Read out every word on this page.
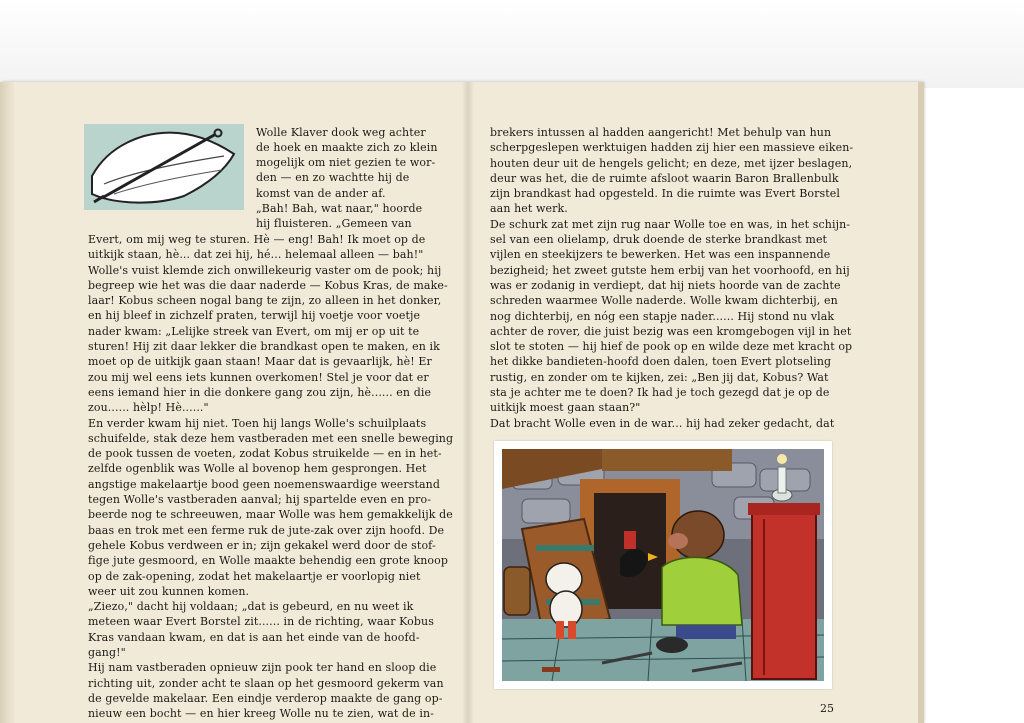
Wolle Klaver dook weg achter
de hoek en maakte zich zo klein
mogelijk om niet gezien te wor-
den — en zo wachtte hij de
komst van de ander af.
„Bah! Bah, wat naar," hoorde
hij fluisteren. „Gemeen van
Evert, om mij weg te sturen. Hè — eng! Bah! Ik moet op de
uitkijk staan, hè... dat zei hij, hé... helemaal alleen — bah!"
Wolle's vuist klemde zich onwillekeurig vaster om de pook; hij
begreep wie het was die daar naderde — Kobus Kras, de make-
laar! Kobus scheen nogal bang te zijn, zo alleen in het donker,
en hij bleef in zichzelf praten, terwijl hij voetje voor voetje
nader kwam: „Lelijke streek van Evert, om mij er op uit te
sturen! Hij zit daar lekker die brandkast open te maken, en ik
moet op de uitkijk gaan staan! Maar dat is gevaarlijk, hè! Er
zou mij wel eens iets kunnen overkomen! Stel je voor dat er
eens iemand hier in die donkere gang zou zijn, hè...... en die
zou...... hèlp! Hè......"
En verder kwam hij niet. Toen hij langs Wolle's schuilplaats
schuifelde, stak deze hem vastberaden met een snelle beweging
de pook tussen de voeten, zodat Kobus struikelde — en in het-
zelfde ogenblik was Wolle al bovenop hem gesprongen. Het
angstige makelaartje bood geen noemenswaardige weerstand
tegen Wolle's vastberaden aanval; hij spartelde even en pro-
beerde nog te schreeuwen, maar Wolle was hem gemakkelijk de
baas en trok met een ferme ruk de jute-zak over zijn hoofd. De
gehele Kobus verdween er in; zijn gekakel werd door de stof-
fige jute gesmoord, en Wolle maakte behendig een grote knoop
op de zak-opening, zodat het makelaartje er voorlopig niet
weer uit zou kunnen komen.
„Ziezo," dacht hij voldaan; „dat is gebeurd, en nu weet ik
meteen waar Evert Borstel zit...... in de richting, waar Kobus
Kras vandaan kwam, en dat is aan het einde van de hoofd-
gang!"
Hij nam vastberaden opnieuw zijn pook ter hand en sloop die
richting uit, zonder acht te slaan op het gesmoord gekerm van
de gevelde makelaar. Een eindje verderop maakte de gang op-
nieuw een bocht — en hier kreeg Wolle nu te zien, wat de in-
brekers intussen al hadden aangericht! Met behulp van hun
scherpgeslepen werktuigen hadden zij hier een massieve eiken-
houten deur uit de hengels gelicht; en deze, met ijzer beslagen,
deur was het, die de ruimte afsloot waarin Baron Brallenbulk
zijn brandkast had opgesteld. In die ruimte was Evert Borstel
aan het werk.
De schurk zat met zijn rug naar Wolle toe en was, in het schijn-
sel van een olielamp, druk doende de sterke brandkast met
vijlen en steekijzers te bewerken. Het was een inspannende
bezigheid; het zweet gutste hem erbij van het voorhoofd, en hij
was er zodanig in verdiept, dat hij niets hoorde van de zachte
schreden waarmee Wolle naderde. Wolle kwam dichterbij, en
nog dichterbij, en nóg een stapje nader...... Hij stond nu vlak
achter de rover, die juist bezig was een kromgebogen vijl in het
slot te stoten — hij hief de pook op en wilde deze met kracht op
het dikke bandieten-hoofd doen dalen, toen Evert plotseling
rustig, en zonder om te kijken, zei: „Ben jij dat, Kobus? Wat
sta je achter me te doen? Ik had je toch gezegd dat je op de
uitkijk moest gaan staan?"
Dat bracht Wolle even in de war... hij had zeker gedacht, dat
25
